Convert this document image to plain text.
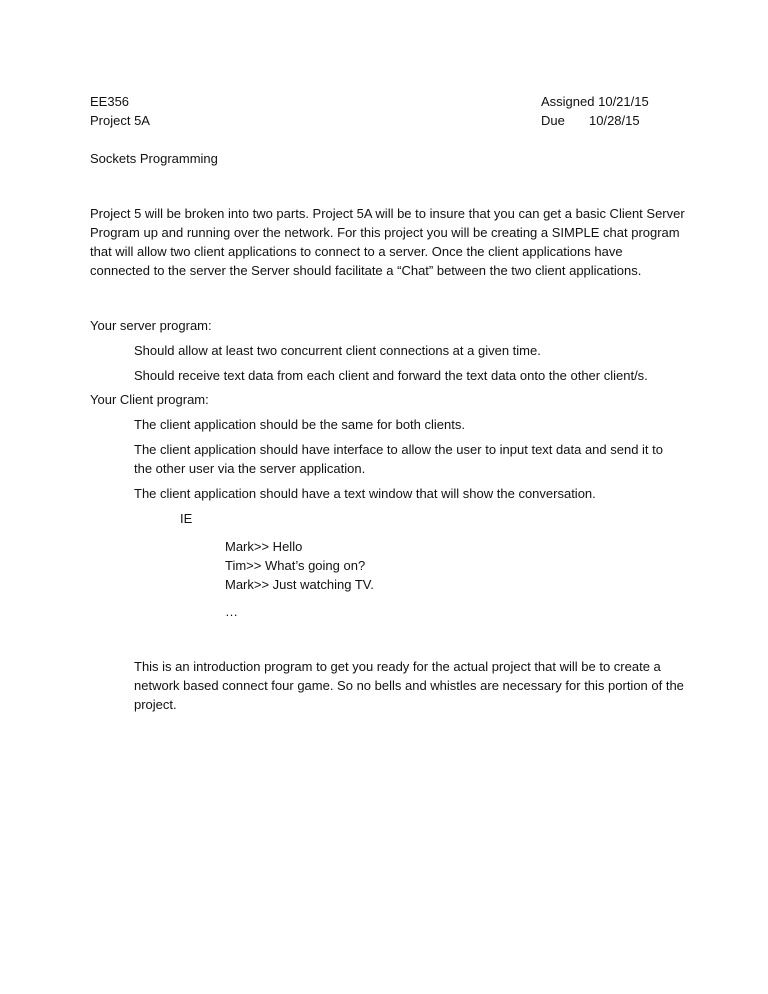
EE356
Project 5A
Assigned 10/21/15
Due 10/28/15
Sockets Programming
Project 5 will be broken into two parts. Project 5A will be to insure that you can get a basic Client Server
Program up and running over the network. For this project you will be creating a SIMPLE chat program
that will allow two client applications to connect to a server. Once the client applications have
connected to the server the Server should facilitate a “Chat” between the two client applications.
Your server program:
Should allow at least two concurrent client connections at a given time.
Should receive text data from each client and forward the text data onto the other client/s.
Your Client program:
The client application should be the same for both clients.
The client application should have interface to allow the user to input text data and send it to
the other user via the server application.
The client application should have a text window that will show the conversation.
IE
Mark>> Hello
Tim>> What’s going on?
Mark>> Just watching TV.
…
This is an introduction program to get you ready for the actual project that will be to create a
network based connect four game. So no bells and whistles are necessary for this portion of the
project.
